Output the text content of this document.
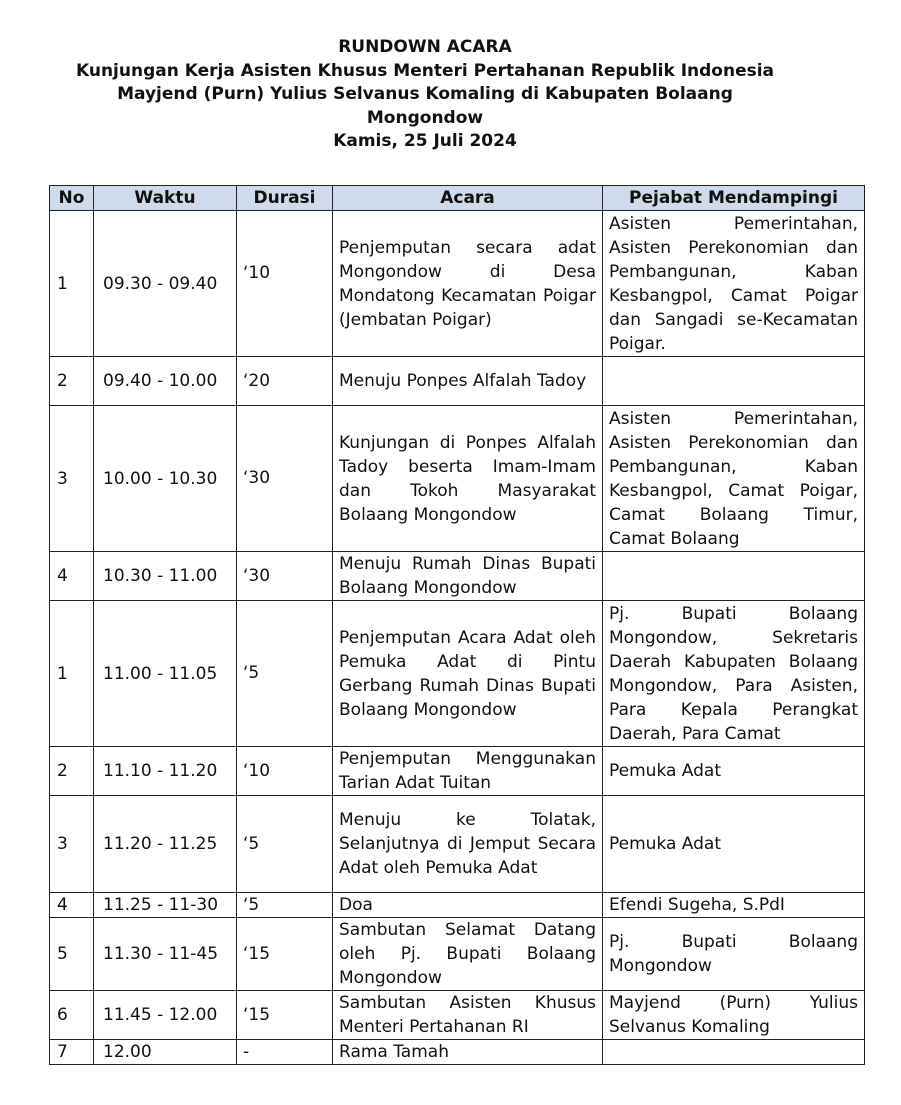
RUNDOWN ACARA
Kunjungan Kerja Asisten Khusus Menteri Pertahanan Republik Indonesia
Mayjend (Purn) Yulius Selvanus Komaling di Kabupaten Bolaang
Mongondow
Kamis, 25 Juli 2024
No	Waktu	Durasi	Acara	Pejabat Mendampingi
1	09.30 - 09.40	‘10	Penjemputan secara adat Mongondow di Desa Mondatong Kecamatan Poigar (Jembatan Poigar)	Asisten Pemerintahan, Asisten Perekonomian dan Pembangunan, Kaban Kesbangpol, Camat Poigar dan Sangadi se-Kecamatan Poigar.
2	09.40 - 10.00	‘20	Menuju Ponpes Alfalah Tadoy	
3	10.00 - 10.30	‘30	Kunjungan di Ponpes Alfalah Tadoy beserta Imam-Imam dan Tokoh Masyarakat Bolaang Mongondow	Asisten Pemerintahan, Asisten Perekonomian dan Pembangunan, Kaban Kesbangpol, Camat Poigar, Camat Bolaang Timur, Camat Bolaang
4	10.30 - 11.00	‘30	Menuju Rumah Dinas Bupati Bolaang Mongondow	
1	11.00 - 11.05	‘5	Penjemputan Acara Adat oleh Pemuka Adat di Pintu Gerbang Rumah Dinas Bupati Bolaang Mongondow	Pj. Bupati Bolaang Mongondow, Sekretaris Daerah Kabupaten Bolaang Mongondow, Para Asisten, Para Kepala Perangkat Daerah, Para Camat
2	11.10 - 11.20	‘10	Penjemputan Menggunakan Tarian Adat Tuitan	Pemuka Adat
3	11.20 - 11.25	‘5	Menuju ke Tolatak, Selanjutnya di Jemput Secara Adat oleh Pemuka Adat	Pemuka Adat
4	11.25 - 11-30	‘5	Doa	Efendi Sugeha, S.PdI
5	11.30 - 11-45	‘15	Sambutan Selamat Datang oleh Pj. Bupati Bolaang Mongondow	Pj. Bupati Bolaang Mongondow
6	11.45 - 12.00	‘15	Sambutan Asisten Khusus Menteri Pertahanan RI	Mayjend (Purn) Yulius Selvanus Komaling
7	12.00	-	Rama Tamah	
